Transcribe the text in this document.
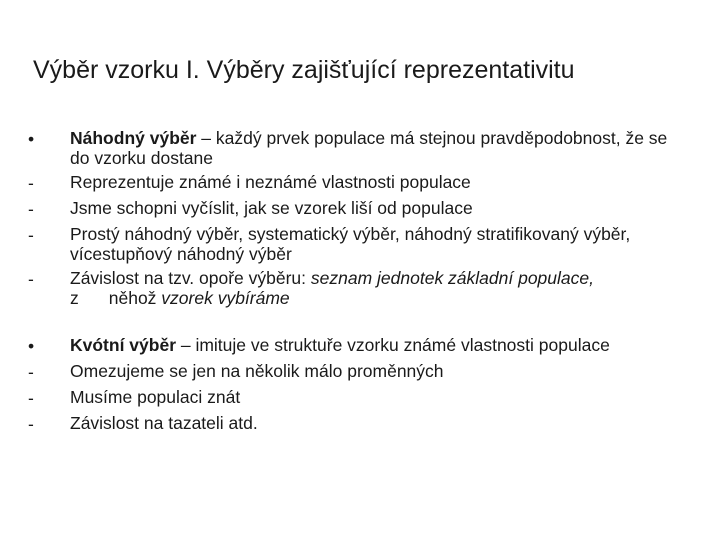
Výběr vzorku I. Výběry zajišťující reprezentativitu
•	Náhodný výběr – každý prvek populace má stejnou pravděpodobnost, že se do vzorku dostane
-	Reprezentuje známé i neznámé vlastnosti populace
-	Jsme schopni vyčíslit, jak se vzorek liší od populace
-	Prostý náhodný výběr, systematický výběr, náhodný stratifikovaný výběr, vícestupňový náhodný výběr
-	Závislost na tzv. opoře výběru: seznam jednotek základní populace,
z něhož vzorek vybíráme
•	Kvótní výběr – imituje ve struktuře vzorku známé vlastnosti populace
-	Omezujeme se jen na několik málo proměnných
-	Musíme populaci znát
-	Závislost na tazateli atd.
